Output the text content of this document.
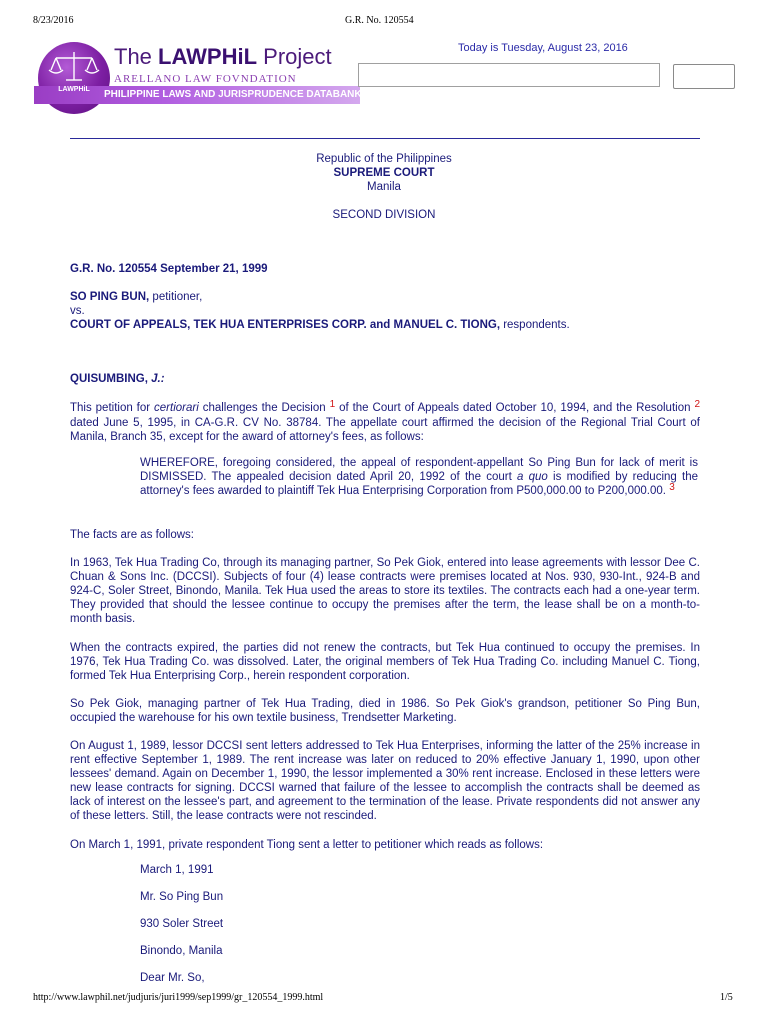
8/23/2016	G.R. No. 120554
PHILIPPINE LAWS AND JURISPRUDENCE DATABANK
LAWPHiL
The LAWPHiL Project
ARELLANO LAW FOVNDATION
Today is Tuesday, August 23, 2016
Republic of the Philippines
SUPREME COURT
Manila
SECOND DIVISION
G.R. No. 120554 September 21, 1999
SO PING BUN, petitioner,
vs.
COURT OF APPEALS, TEK HUA ENTERPRISES CORP. and MANUEL C. TIONG, respondents.
QUISUMBING, J.:
This petition for certiorari challenges the Decision 1 of the Court of Appeals dated October 10, 1994, and the Resolution 2 dated June 5, 1995, in CA-G.R. CV No. 38784. The appellate court affirmed the decision of the Regional Trial Court of Manila, Branch 35, except for the award of attorney's fees, as follows:
WHEREFORE, foregoing considered, the appeal of respondent-appellant So Ping Bun for lack of merit is DISMISSED. The appealed decision dated April 20, 1992 of the court a quo is modified by reducing the attorney's fees awarded to plaintiff Tek Hua Enterprising Corporation from P500,000.00 to P200,000.00. 3
The facts are as follows:
In 1963, Tek Hua Trading Co, through its managing partner, So Pek Giok, entered into lease agreements with lessor Dee C. Chuan & Sons Inc. (DCCSI). Subjects of four (4) lease contracts were premises located at Nos. 930, 930-Int., 924-B and 924-C, Soler Street, Binondo, Manila. Tek Hua used the areas to store its textiles. The contracts each had a one-year term. They provided that should the lessee continue to occupy the premises after the term, the lease shall be on a month-to-month basis.
When the contracts expired, the parties did not renew the contracts, but Tek Hua continued to occupy the premises. In 1976, Tek Hua Trading Co. was dissolved. Later, the original members of Tek Hua Trading Co. including Manuel C. Tiong, formed Tek Hua Enterprising Corp., herein respondent corporation.
So Pek Giok, managing partner of Tek Hua Trading, died in 1986. So Pek Giok's grandson, petitioner So Ping Bun, occupied the warehouse for his own textile business, Trendsetter Marketing.
On August 1, 1989, lessor DCCSI sent letters addressed to Tek Hua Enterprises, informing the latter of the 25% increase in rent effective September 1, 1989. The rent increase was later on reduced to 20% effective January 1, 1990, upon other lessees' demand. Again on December 1, 1990, the lessor implemented a 30% rent increase. Enclosed in these letters were new lease contracts for signing. DCCSI warned that failure of the lessee to accomplish the contracts shall be deemed as lack of interest on the lessee's part, and agreement to the termination of the lease. Private respondents did not answer any of these letters. Still, the lease contracts were not rescinded.
On March 1, 1991, private respondent Tiong sent a letter to petitioner which reads as follows:
March 1, 1991
Mr. So Ping Bun
930 Soler Street
Binondo, Manila
Dear Mr. So,
http://www.lawphil.net/judjuris/juri1999/sep1999/gr_120554_1999.html	1/5
